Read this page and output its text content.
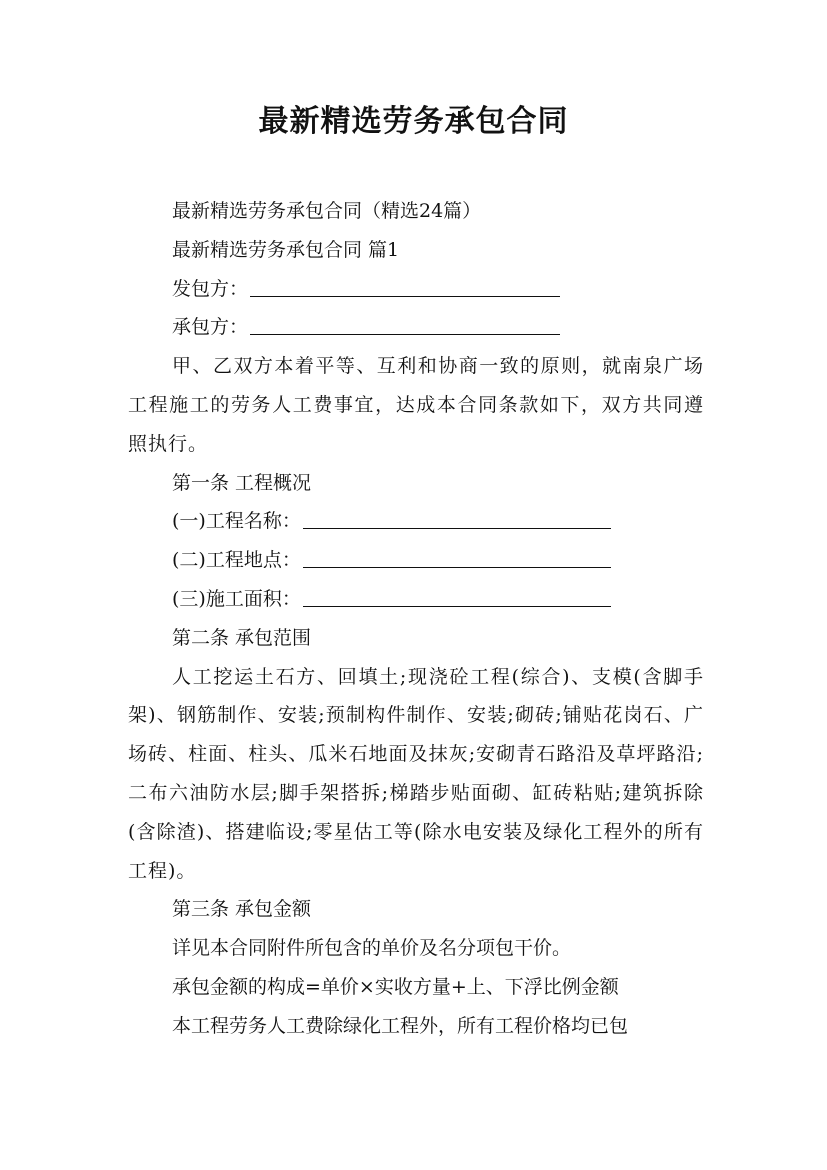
最新精选劳务承包合同
最新精选劳务承包合同（精选24篇）
最新精选劳务承包合同 篇1
发包方：
承包方：
甲、乙双方本着平等、互利和协商一致的原则，就南泉广场工程施工的劳务人工费事宜，达成本合同条款如下，双方共同遵照执行。
第一条 工程概况
(一)工程名称：
(二)工程地点：
(三)施工面积：
第二条 承包范围
人工挖运土石方、回填土;现浇砼工程(综合)、支模(含脚手架)、钢筋制作、安装;预制构件制作、安装;砌砖;铺贴花岗石、广场砖、柱面、柱头、瓜米石地面及抹灰;安砌青石路沿及草坪路沿;二布六油防水层;脚手架搭拆;梯踏步贴面砌、缸砖粘贴;建筑拆除(含除渣)、搭建临设;零星估工等(除水电安装及绿化工程外的所有工程)。
第三条 承包金额
详见本合同附件所包含的单价及名分项包干价。
承包金额的构成=单价×实收方量+上、下浮比例金额
本工程劳务人工费除绿化工程外，所有工程价格均已包
